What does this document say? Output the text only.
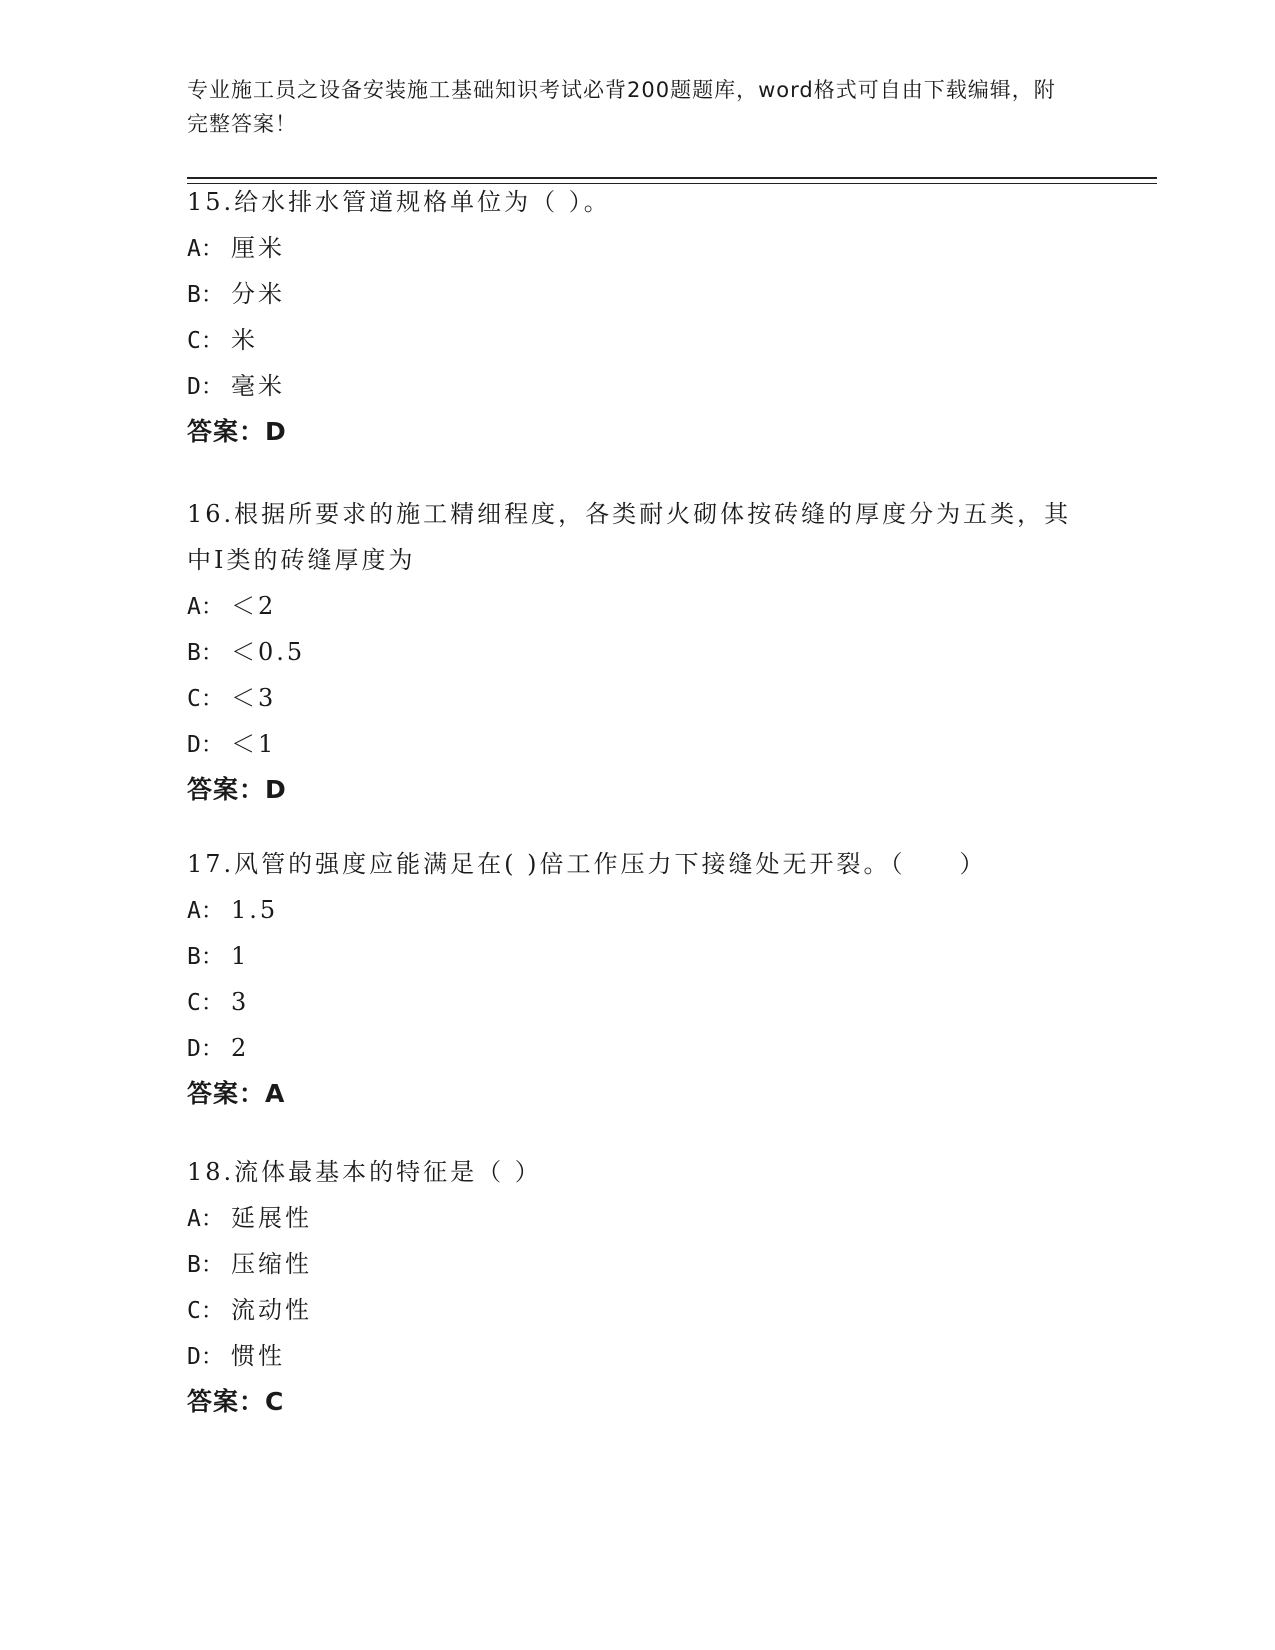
专业施工员之设备安装施工基础知识考试必背200题题库，word格式可自由下载编辑，附完整答案！
15.给水排水管道规格单位为（ ）。
A： 厘米
B： 分米
C： 米
D： 毫米
答案：D
16.根据所要求的施工精细程度，各类耐火砌体按砖缝的厚度分为五类，其中Ⅰ类的砖缝厚度为
A： ＜2
B： ＜0.5
C： ＜3
D： ＜1
答案：D
17.风管的强度应能满足在( )倍工作压力下接缝处无开裂。（　　）
A： 1.5
B： 1
C： 3
D： 2
答案：A
18.流体最基本的特征是（ ）
A： 延展性
B： 压缩性
C： 流动性
D： 惯性
答案：C
